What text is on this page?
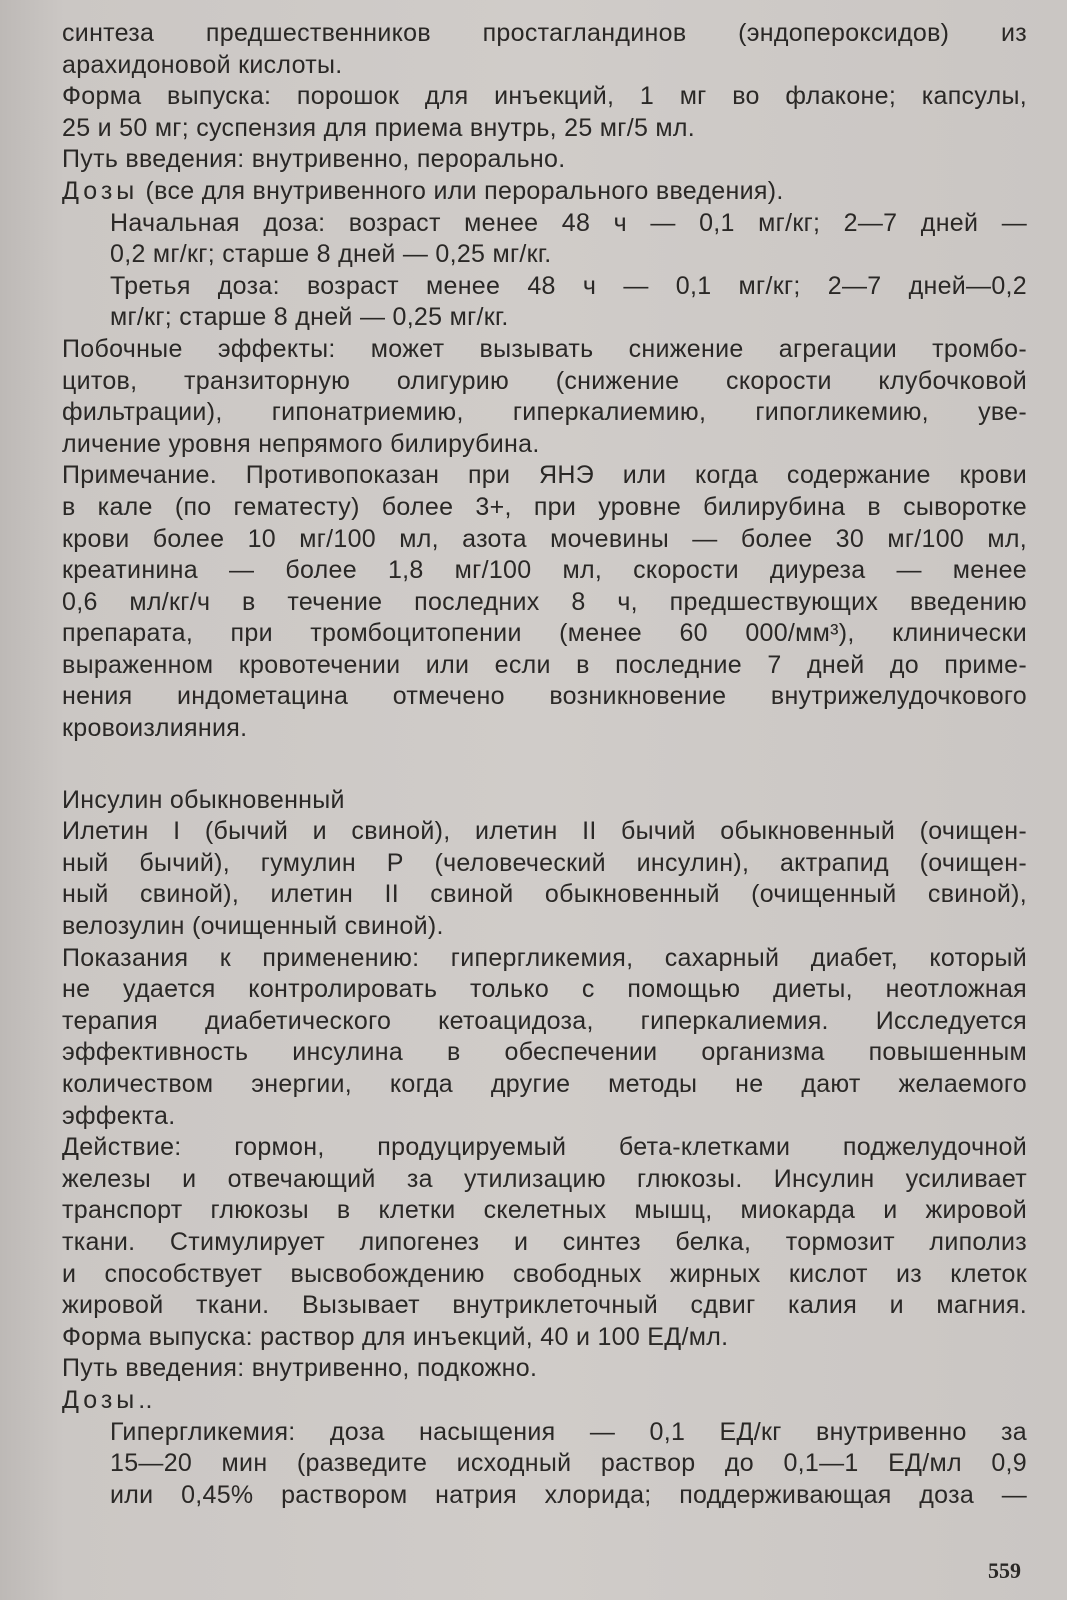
синтеза предшественников простагландинов (эндопероксидов) из
арахидоновой кислоты.
Форма выпуска: порошок для инъекций, 1 мг во флаконе; капсулы,
25 и 50 мг; суспензия для приема внутрь, 25 мг/5 мл.
Путь введения: внутривенно, перорально.
Дозы (все для внутривенного или перорального введения).
Начальная доза: возраст менее 48 ч — 0,1 мг/кг; 2—7 дней —
0,2 мг/кг; старше 8 дней — 0,25 мг/кг.
Третья доза: возраст менее 48 ч — 0,1 мг/кг; 2—7 дней—0,2
мг/кг; старше 8 дней — 0,25 мг/кг.
Побочные эффекты: может вызывать снижение агрегации тромбо-
цитов, транзиторную олигурию (снижение скорости клубочковой
фильтрации), гипонатриемию, гиперкалиемию, гипогликемию, уве-
личение уровня непрямого билирубина.
Примечание. Противопоказан при ЯНЭ или когда содержание крови
в кале (по гематесту) более 3+, при уровне билирубина в сыворотке
крови более 10 мг/100 мл, азота мочевины — более 30 мг/100 мл,
креатинина — более 1,8 мг/100 мл, скорости диуреза — менее
0,6 мл/кг/ч в течение последних 8 ч, предшествующих введению
препарата, при тромбоцитопении (менее 60 000/мм³), клинически
выраженном кровотечении или если в последние 7 дней до приме-
нения индометацина отмечено возникновение внутрижелудочкового
кровоизлияния.
Инсулин обыкновенный
Илетин I (бычий и свиной), илетин II бычий обыкновенный (очищен-
ный бычий), гумулин Р (человеческий инсулин), актрапид (очищен-
ный свиной), илетин II свиной обыкновенный (очищенный свиной),
велозулин (очищенный свиной).
Показания к применению: гипергликемия, сахарный диабет, который
не удается контролировать только с помощью диеты, неотложная
терапия диабетического кетоацидоза, гиперкалиемия. Исследуется
эффективность инсулина в обеспечении организма повышенным
количеством энергии, когда другие методы не дают желаемого
эффекта.
Действие: гормон, продуцируемый бета-клетками поджелудочной
железы и отвечающий за утилизацию глюкозы. Инсулин усиливает
транспорт глюкозы в клетки скелетных мышц, миокарда и жировой
ткани. Стимулирует липогенез и синтез белка, тормозит липолиз
и способствует высвобождению свободных жирных кислот из клеток
жировой ткани. Вызывает внутриклеточный сдвиг калия и магния.
Форма выпуска: раствор для инъекций, 40 и 100 ЕД/мл.
Путь введения: внутривенно, подкожно.
Дозы..
Гипергликемия: доза насыщения — 0,1 ЕД/кг внутривенно за
15—20 мин (разведите исходный раствор до 0,1—1 ЕД/мл 0,9
или 0,45% раствором натрия хлорида; поддерживающая доза —
559
